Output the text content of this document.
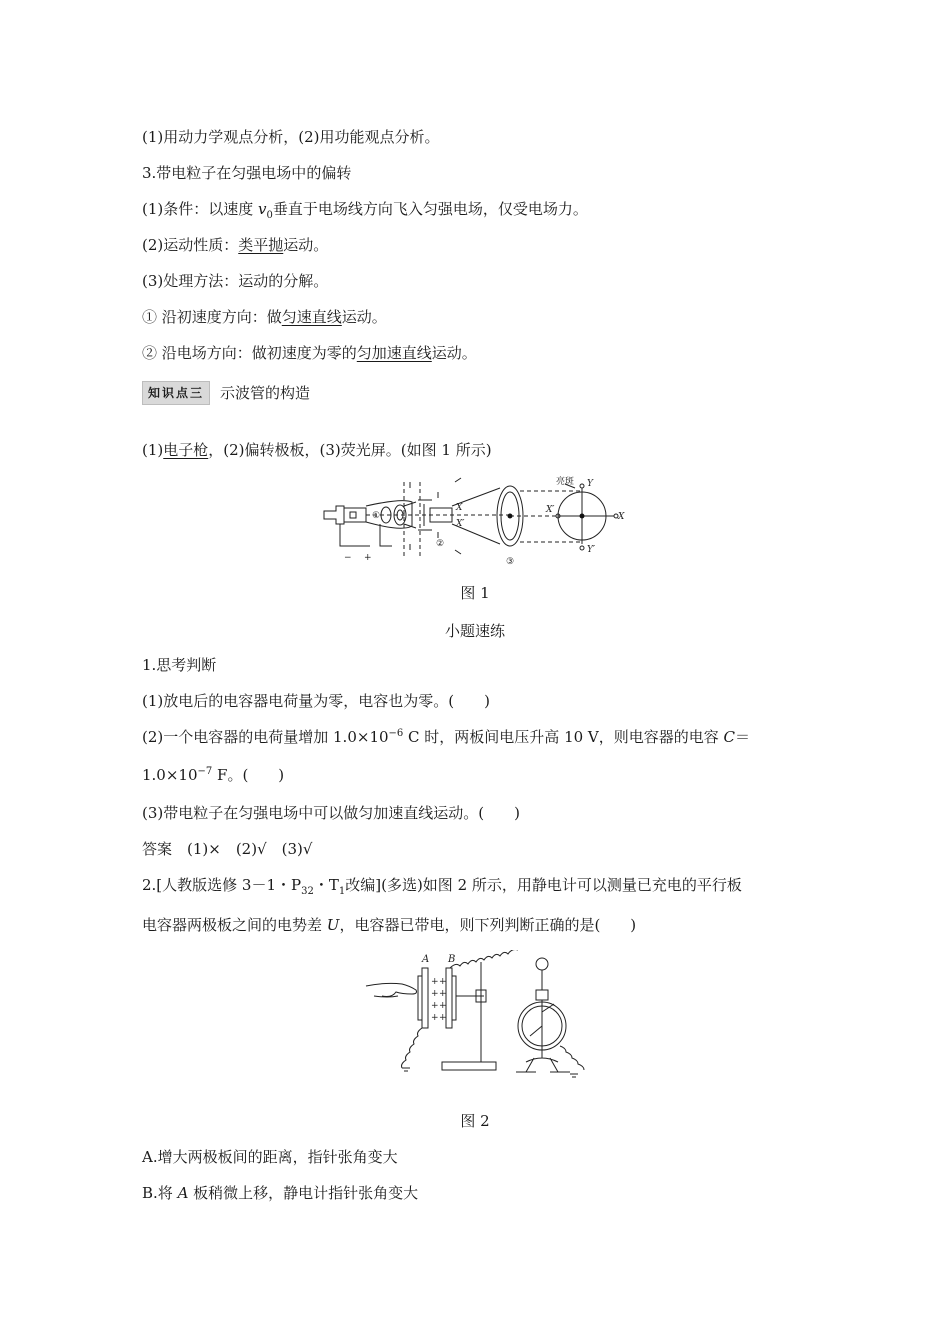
(1)用动力学观点分析，(2)用功能观点分析。
3.带电粒子在匀强电场中的偏转
(1)条件：以速度 $v_0$垂直于电场线方向飞入匀强电场，仅受电场力。
(2)运动性质：类平抛运动。
(3)处理方法：运动的分解。
① 沿初速度方向：做匀速直线运动。
② 沿电场方向：做初速度为零的匀加速直线运动。
知识点三 示波管的构造
(1)电子枪，(2)偏转极板，(3)荧光屏。(如图 1 所示)
亮斑 Y
Y′
X
X′
X
X′
①
②
③
− +
图 1
小题速练
1.思考判断
(1)放电后的电容器电荷量为零，电容也为零。(　　)
(2)一个电容器的电荷量增加 $1.0\times 10^{-6}$ C 时，两板间电压升高 10 V，则电容器的电容 C＝
$1.0\times 10^{-7}$ F。(　　)
(3)带电粒子在匀强电场中可以做匀加速直线运动。(　　)
答案　(1)×　(2)√　(3)√
2.[人教版选修 3－1・$P_{32}$・$T_1$改编](多选)如图 2 所示，用静电计可以测量已充电的平行板
电容器两极板之间的电势差 U，电容器已带电，则下列判断正确的是(　　)
A B
+
+
+
+
+
+
+
+
图 2
A.增大两极板间的距离，指针张角变大
B.将 A 板稍微上移，静电计指针张角变大
